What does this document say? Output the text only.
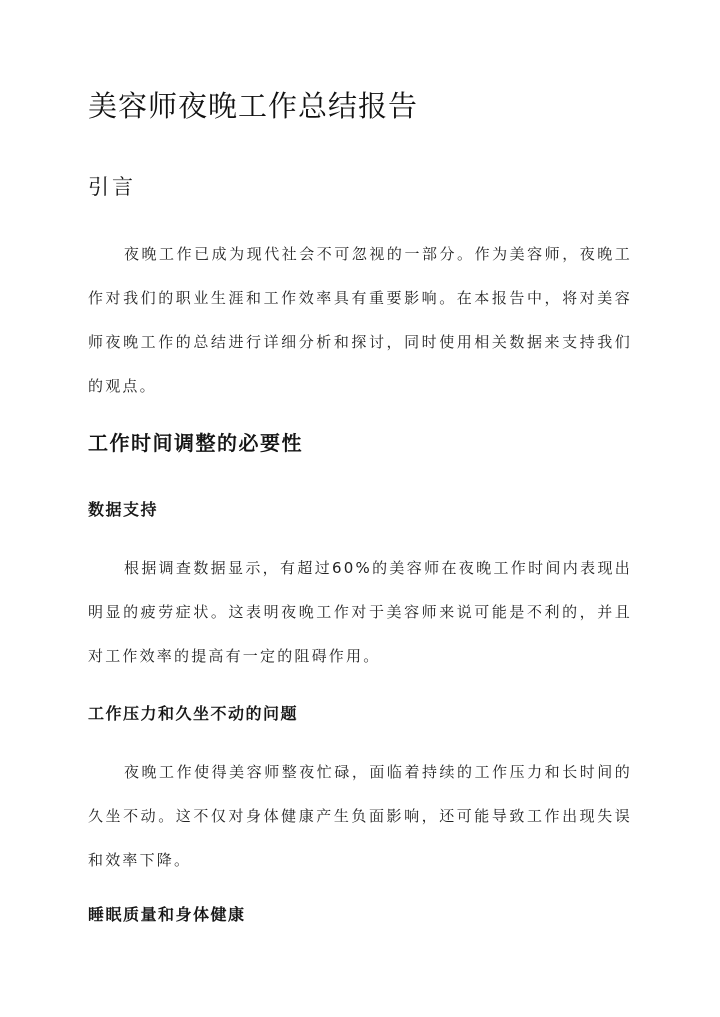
美容师夜晚工作总结报告
引言

夜晚工作已成为现代社会不可忽视的一部分。作为美容师，夜晚工作对我们的职业生涯和工作效率具有重要影响。在本报告中，将对美容师夜晚工作的总结进行详细分析和探讨，同时使用相关数据来支持我们的观点。

工作时间调整的必要性
数据支持

根据调查数据显示，有超过60%的美容师在夜晚工作时间内表现出明显的疲劳症状。这表明夜晚工作对于美容师来说可能是不利的，并且对工作效率的提高有一定的阻碍作用。

工作压力和久坐不动的问题

夜晚工作使得美容师整夜忙碌，面临着持续的工作压力和长时间的久坐不动。这不仅对身体健康产生负面影响，还可能导致工作出现失误和效率下降。

睡眠质量和身体健康
